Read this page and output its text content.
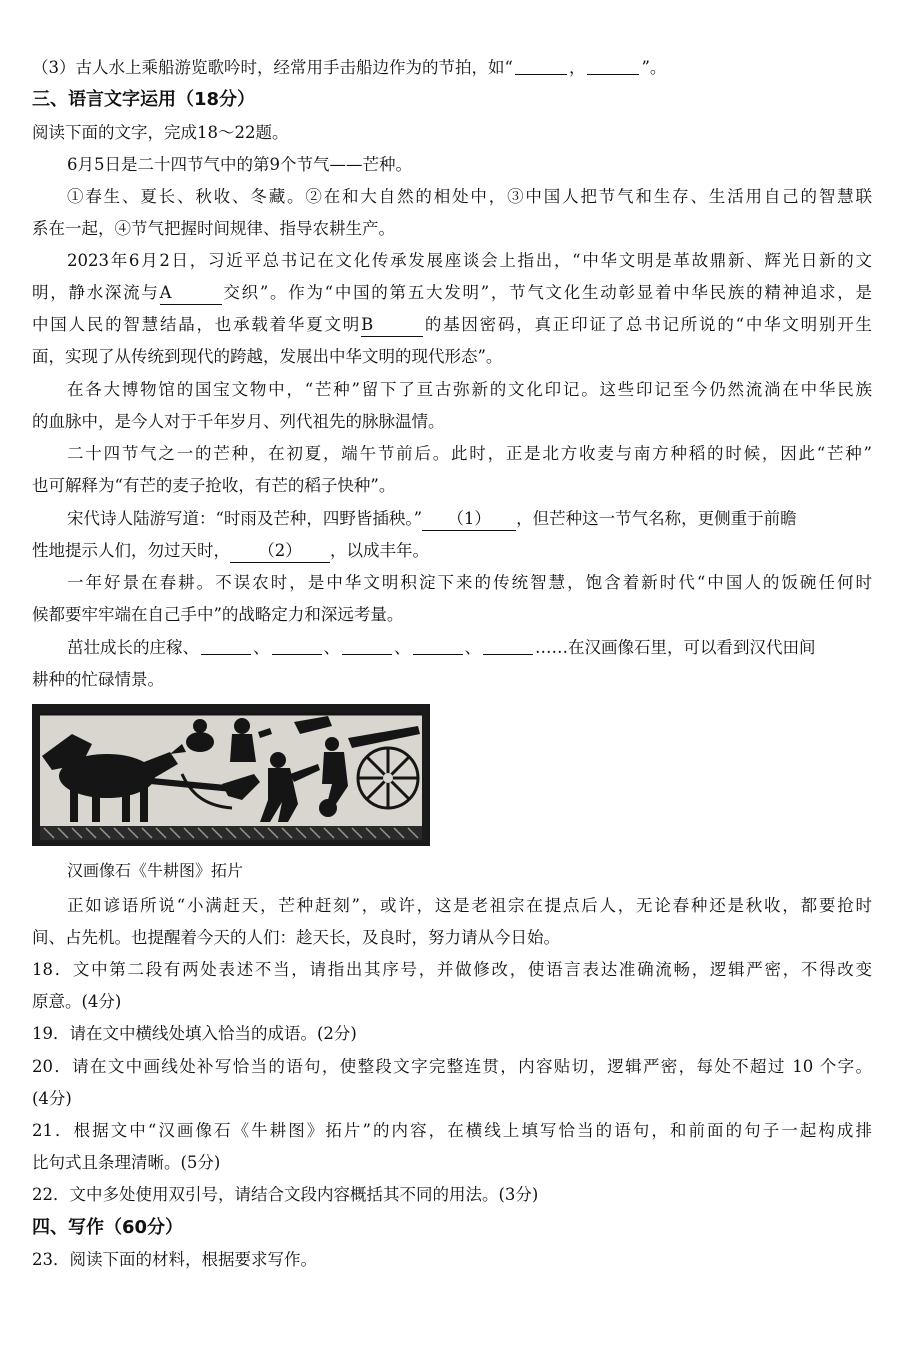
（3）古人水上乘船游览歌吟时，经常用手击船边作为的节拍，如“	，	”。
三、语言文字运用（18分）
阅读下面的文字，完成18～22题。
6月5日是二十四节气中的第9个节气——芒种。
①春生、夏长、秋收、冬藏。②在和大自然的相处中，③中国人把节气和生存、生活用自己的智慧联
系在一起，④节气把握时间规律、指导农耕生产。
2023年6月2日，习近平总书记在文化传承发展座谈会上指出，“中华文明是革故鼎新、辉光日新的文
明，静水深流与A	交织”。作为“中国的第五大发明”，节气文化生动彰显着中华民族的精神追求，是
中国人民的智慧结晶，也承载着华夏文明B	的基因密码，真正印证了总书记所说的“中华文明别开生
面，实现了从传统到现代的跨越，发展出中华文明的现代形态”。
在各大博物馆的国宝文物中，“芒种”留下了亘古弥新的文化印记。这些印记至今仍然流淌在中华民族
的血脉中，是今人对于千年岁月、列代祖先的脉脉温情。
二十四节气之一的芒种，在初夏，端午节前后。此时，正是北方收麦与南方种稻的时候，因此“芒种”
也可解释为“有芒的麦子抢收，有芒的稻子快种”。
宋代诗人陆游写道：“时雨及芒种，四野皆插秧。” （1） ，但芒种这一节气名称，更侧重于前瞻
性地提示人们，勿过天时， （2） ，以成丰年。
一年好景在春耕。不误农时，是中华文明积淀下来的传统智慧，饱含着新时代“中国人的饭碗任何时
候都要牢牢端在自己手中”的战略定力和深远考量。
茁壮成长的庄稼、	、	、	、	、	……在汉画像石里，可以看到汉代田间
耕种的忙碌情景。
汉画像石《牛耕图》拓片
正如谚语所说“小满赶天，芒种赶刻”，或许，这是老祖宗在提点后人，无论春种还是秋收，都要抢时
间、占先机。也提醒着今天的人们：趁天长，及良时，努力请从今日始。
18．文中第二段有两处表述不当，请指出其序号，并做修改，使语言表达准确流畅，逻辑严密，不得改变
原意。(4分)
19．请在文中横线处填入恰当的成语。(2分)
20．请在文中画线处补写恰当的语句，使整段文字完整连贯，内容贴切，逻辑严密，每处不超过 10 个字。
(4分)
21．根据文中“汉画像石《牛耕图》拓片”的内容，在横线上填写恰当的语句，和前面的句子一起构成排
比句式且条理清晰。(5分)
22．文中多处使用双引号，请结合文段内容概括其不同的用法。(3分)
四、写作（60分）
23．阅读下面的材料，根据要求写作。
